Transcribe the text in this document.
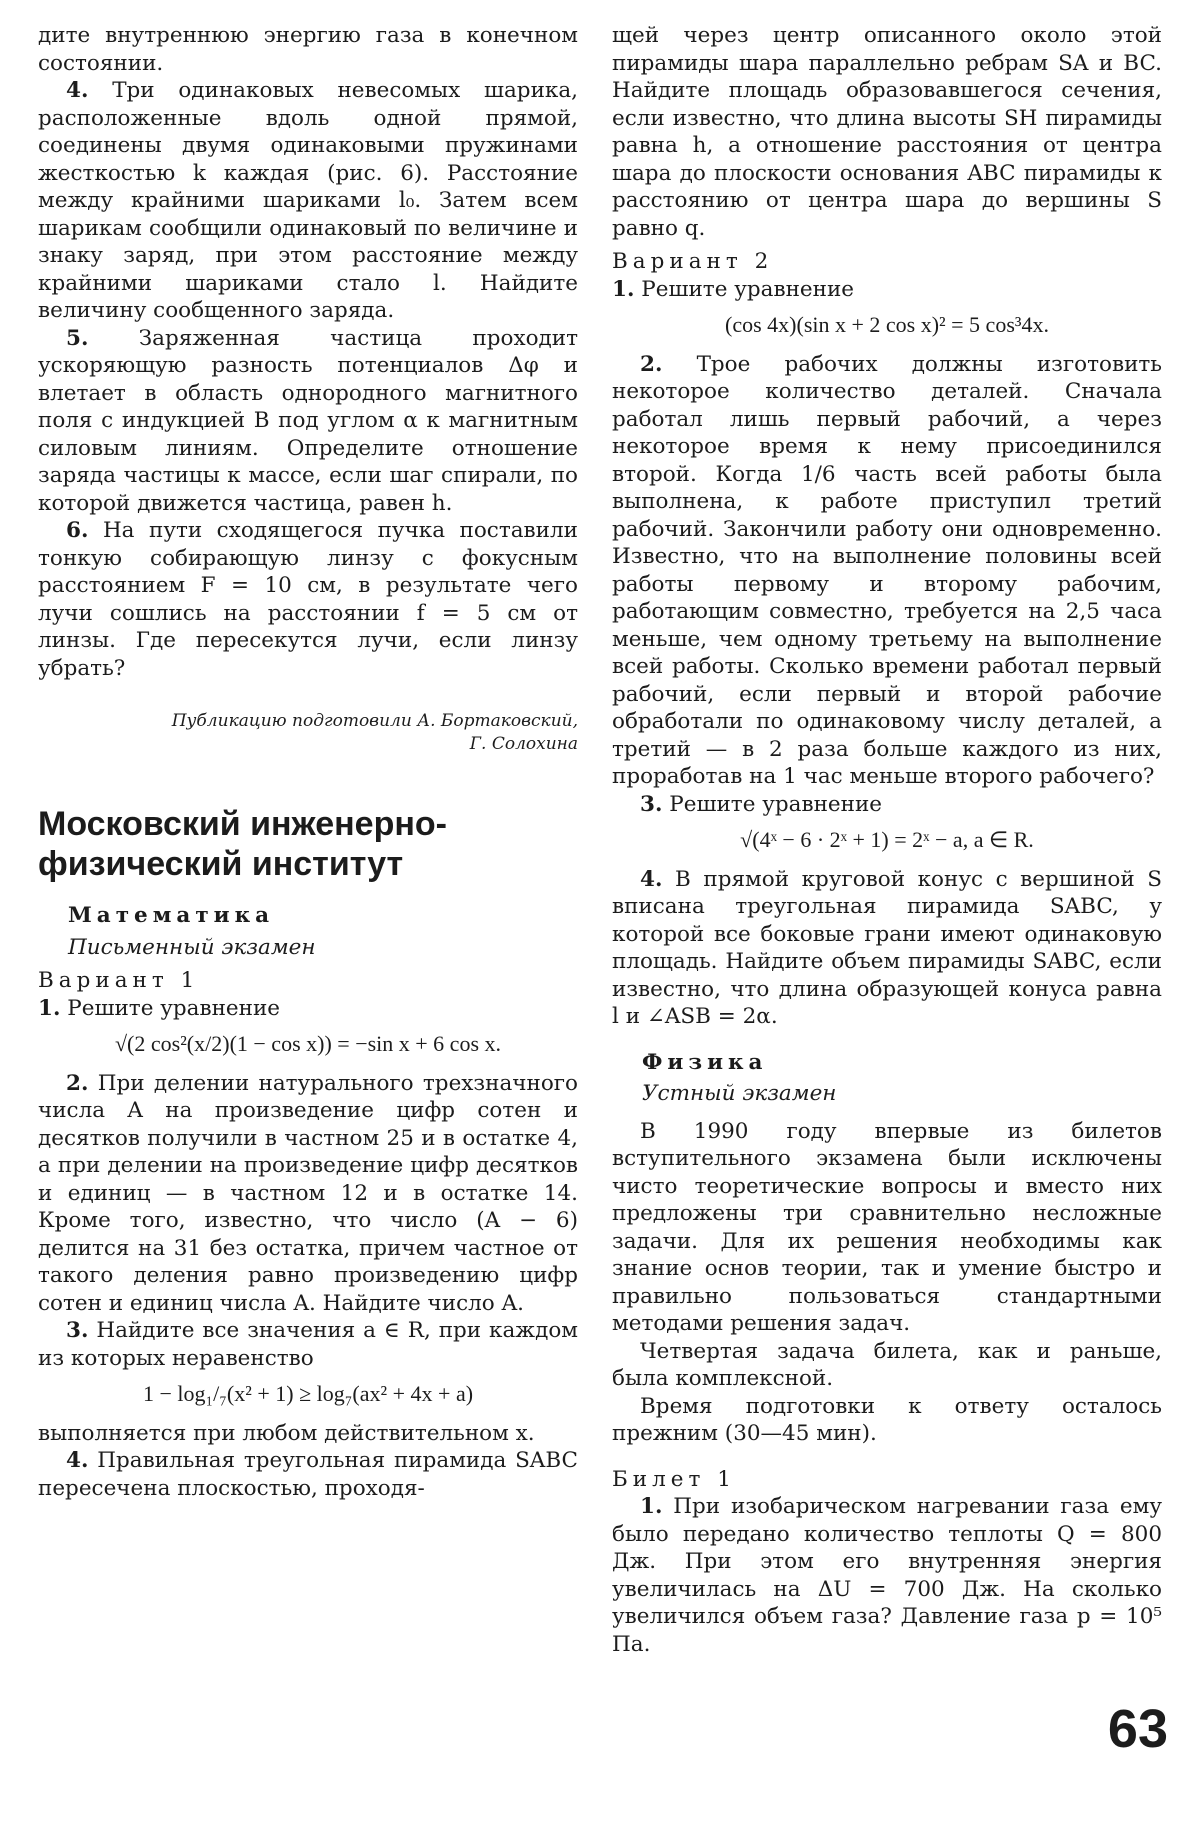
дите внутреннюю энергию газа в конечном состоянии.

4. Три одинаковых невесомых шарика, расположенные вдоль одной прямой, соединены двумя одинаковыми пружинами жесткостью k каждая (рис. 6). Расстояние между крайними шариками l₀. Затем всем шарикам сообщили одинаковый по величине и знаку заряд, при этом расстояние между крайними шариками стало l. Найдите величину сообщенного заряда.

5. Заряженная частица проходит ускоряющую разность потенциалов Δφ и влетает в область однородного магнитного поля с индукцией B под углом α к магнитным силовым линиям. Определите отношение заряда частицы к массе, если шаг спирали, по которой движется частица, равен h.

6. На пути сходящегося пучка поставили тонкую собирающую линзу с фокусным расстоянием F = 10 см, в результате чего лучи сошлись на расстоянии f = 5 см от линзы. Где пересекутся лучи, если линзу убрать?

Публикацию подготовили А. Бортаковский,
Г. Солохина
Московский инженерно-физический институт
Математика
Письменный экзамен
Вариант 1

1. Решите уравнение

√(2 cos²(x/2)(1 − cos x)) = −sin x + 6 cos x.

2. При делении натурального трехзначного числа A на произведение цифр сотен и десятков получили в частном 25 и в остатке 4, а при делении на произведение цифр десятков и единиц — в частном 12 и в остатке 14. Кроме того, известно, что число (A − 6) делится на 31 без остатка, причем частное от такого деления равно произведению цифр сотен и единиц числа A. Найдите число A.

3. Найдите все значения a ∈ R, при каждом из которых неравенство

1 − log₁/₇(x² + 1) ≥ log₇(ax² + 4x + a)

выполняется при любом действительном x.

4. Правильная треугольная пирамида SABC пересечена плоскостью, проходя-

щей через центр описанного около этой пирамиды шара параллельно ребрам SA и BC. Найдите площадь образовавшегося сечения, если известно, что длина высоты SH пирамиды равна h, а отношение расстояния от центра шара до плоскости основания ABC пирамиды к расстоянию от центра шара до вершины S равно q.

Вариант 2

1. Решите уравнение

(cos 4x)(sin x + 2 cos x)² = 5 cos³4x.

2. Трое рабочих должны изготовить некоторое количество деталей. Сначала работал лишь первый рабочий, а через некоторое время к нему присоединился второй. Когда 1/6 часть всей работы была выполнена, к работе приступил третий рабочий. Закончили работу они одновременно. Известно, что на выполнение половины всей работы первому и второму рабочим, работающим совместно, требуется на 2,5 часа меньше, чем одному третьему на выполнение всей работы. Сколько времени работал первый рабочий, если первый и второй рабочие обработали по одинаковому числу деталей, а третий — в 2 раза больше каждого из них, проработав на 1 час меньше второго рабочего?

3. Решите уравнение

√(4ˣ − 6 · 2ˣ + 1) = 2ˣ − a, a ∈ R.

4. В прямой круговой конус с вершиной S вписана треугольная пирамида SABC, у которой все боковые грани имеют одинаковую площадь. Найдите объем пирамиды SABC, если известно, что длина образующей конуса равна l и ∠ASB = 2α.

Физика
Устный экзамен

В 1990 году впервые из билетов вступительного экзамена были исключены чисто теоретические вопросы и вместо них предложены три сравнительно несложные задачи. Для их решения необходимы как знание основ теории, так и умение быстро и правильно пользоваться стандартными методами решения задач.

Четвертая задача билета, как и раньше, была комплексной.

Время подготовки к ответу осталось прежним (30—45 мин).

Билет 1

1. При изобарическом нагревании газа ему было передано количество теплоты Q = 800 Дж. При этом его внутренняя энергия увеличилась на ΔU = 700 Дж. На сколько увеличился объем газа? Давление газа p = 10⁵ Па.

63
